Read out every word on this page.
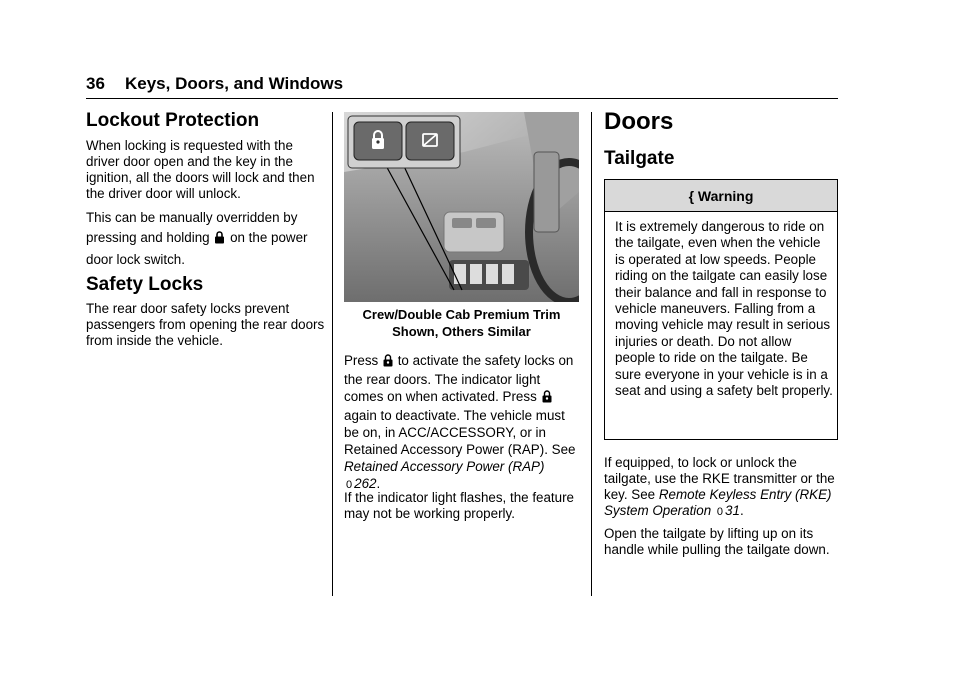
36 Keys, Doors, and Windows
Lockout Protection
When locking is requested with the driver door open and the key in the ignition, all the doors will lock and then the driver door will unlock.
This can be manually overridden by pressing and holding on the power door lock switch.
Safety Locks
The rear door safety locks prevent passengers from opening the rear doors from inside the vehicle.
Crew/Double Cab Premium Trim
Shown, Others Similar
Press to activate the safety locks on the rear doors. The indicator light comes on when activated. Press  again to deactivate. The vehicle must be on, in ACC/ACCESSORY, or in Retained Accessory Power (RAP). See Retained Accessory Power (RAP) 0 262.
If the indicator light flashes, the feature may not be working properly.
Doors
Tailgate
{ Warning
It is extremely dangerous to ride on the tailgate, even when the vehicle is operated at low speeds. People riding on the tailgate can easily lose their balance and fall in response to vehicle maneuvers. Falling from a moving vehicle may result in serious injuries or death. Do not allow people to ride on the tailgate. Be sure everyone in your vehicle is in a seat and using a safety belt properly.
If equipped, to lock or unlock the tailgate, use the RKE transmitter or the key. See Remote Keyless Entry (RKE) System Operation 0 31.
Open the tailgate by lifting up on its handle while pulling the tailgate down.
